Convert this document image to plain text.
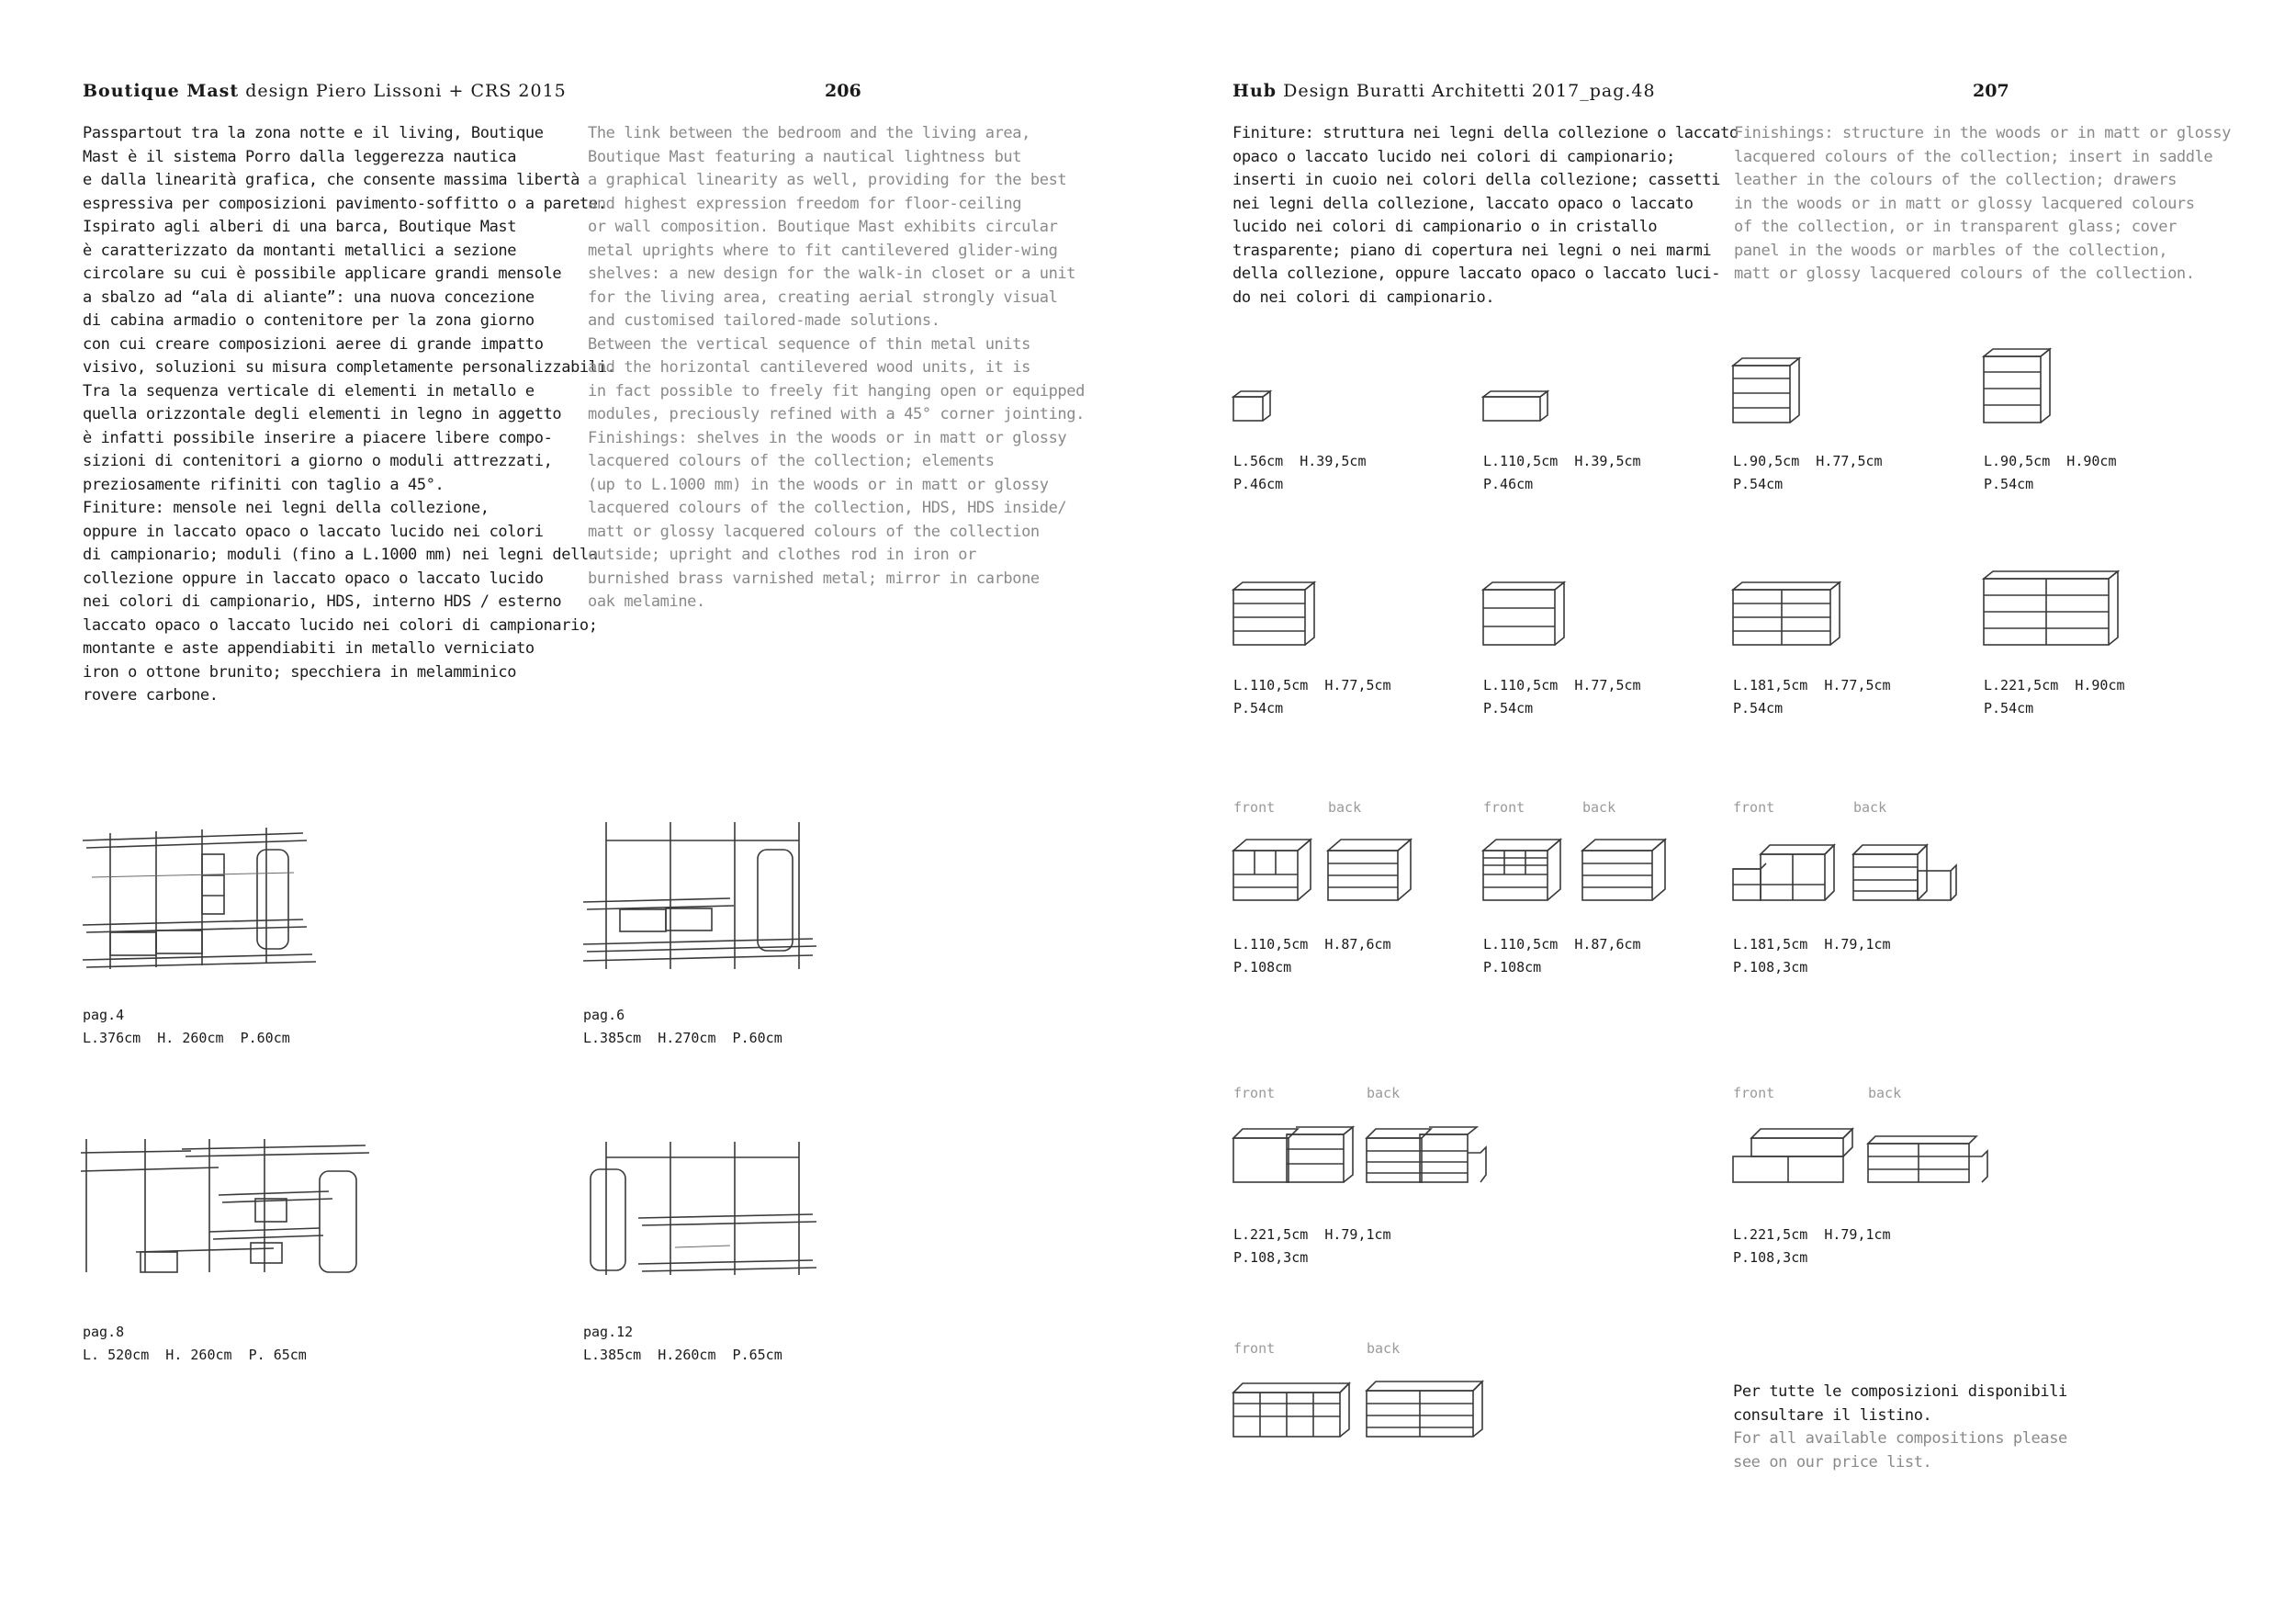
Boutique Mast design Piero Lissoni + CRS 2015	206
Passpartout tra la zona notte e il living, Boutique
Mast è il sistema Porro dalla leggerezza nautica
e dalla linearità grafica, che consente massima libertà
espressiva per composizioni pavimento-soffitto o a parete.
Ispirato agli alberi di una barca, Boutique Mast
è caratterizzato da montanti metallici a sezione
circolare su cui è possibile applicare grandi mensole
a sbalzo ad “ala di aliante”: una nuova concezione
di cabina armadio o contenitore per la zona giorno
con cui creare composizioni aeree di grande impatto
visivo, soluzioni su misura completamente personalizzabili.
Tra la sequenza verticale di elementi in metallo e
quella orizzontale degli elementi in legno in aggetto
è infatti possibile inserire a piacere libere compo-
sizioni di contenitori a giorno o moduli attrezzati,
preziosamente rifiniti con taglio a 45°.
Finiture: mensole nei legni della collezione,
oppure in laccato opaco o laccato lucido nei colori
di campionario; moduli (fino a L.1000 mm) nei legni della
collezione oppure in laccato opaco o laccato lucido
nei colori di campionario, HDS, interno HDS / esterno
laccato opaco o laccato lucido nei colori di campionario;
montante e aste appendiabiti in metallo verniciato
iron o ottone brunito; specchiera in melamminico
rovere carbone.
The link between the bedroom and the living area,
Boutique Mast featuring a nautical lightness but
a graphical linearity as well, providing for the best
and highest expression freedom for floor-ceiling
or wall composition. Boutique Mast exhibits circular
metal uprights where to fit cantilevered glider-wing
shelves: a new design for the walk-in closet or a unit
for the living area, creating aerial strongly visual
and customised tailored-made solutions.
Between the vertical sequence of thin metal units
and the horizontal cantilevered wood units, it is
in fact possible to freely fit hanging open or equipped
modules, preciously refined with a 45° corner jointing.
Finishings: shelves in the woods or in matt or glossy
lacquered colours of the collection; elements
(up to L.1000 mm) in the woods or in matt or glossy
lacquered colours of the collection, HDS, HDS inside/
matt or glossy lacquered colours of the collection
outside; upright and clothes rod in iron or
burnished brass varnished metal; mirror in carbone
oak melamine.
pag.4
L.376cm  H. 260cm  P.60cm
pag.6
L.385cm  H.270cm  P.60cm
pag.8
L. 520cm  H. 260cm  P. 65cm
pag.12
L.385cm  H.260cm  P.65cm
Hub Design Buratti Architetti 2017_pag.48	207
Finiture: struttura nei legni della collezione o laccato
opaco o laccato lucido nei colori di campionario;
inserti in cuoio nei colori della collezione; cassetti
nei legni della collezione, laccato opaco o laccato
lucido nei colori di campionario o in cristallo
trasparente; piano di copertura nei legni o nei marmi
della collezione, oppure laccato opaco o laccato luci-
do nei colori di campionario.
Finishings: structure in the woods or in matt or glossy
lacquered colours of the collection; insert in saddle
leather in the colours of the collection; drawers
in the woods or in matt or glossy lacquered colours
of the collection, or in transparent glass; cover
panel in the woods or marbles of the collection,
matt or glossy lacquered colours of the collection.
L.56cm  H.39,5cm
P.46cm
L.110,5cm  H.39,5cm
P.46cm
L.90,5cm  H.77,5cm
P.54cm
L.90,5cm  H.90cm
P.54cm
L.110,5cm  H.77,5cm
P.54cm
L.110,5cm  H.77,5cm
P.54cm
L.181,5cm  H.77,5cm
P.54cm
L.221,5cm  H.90cm
P.54cm
front	back	front	back	front	back
L.110,5cm  H.87,6cm
P.108cm
L.110,5cm  H.87,6cm
P.108cm
L.181,5cm  H.79,1cm
P.108,3cm
front	back	front	back
L.221,5cm  H.79,1cm
P.108,3cm
L.221,5cm  H.79,1cm
P.108,3cm
front	back
Per tutte le composizioni disponibili
consultare il listino.
For all available compositions please
see on our price list.
